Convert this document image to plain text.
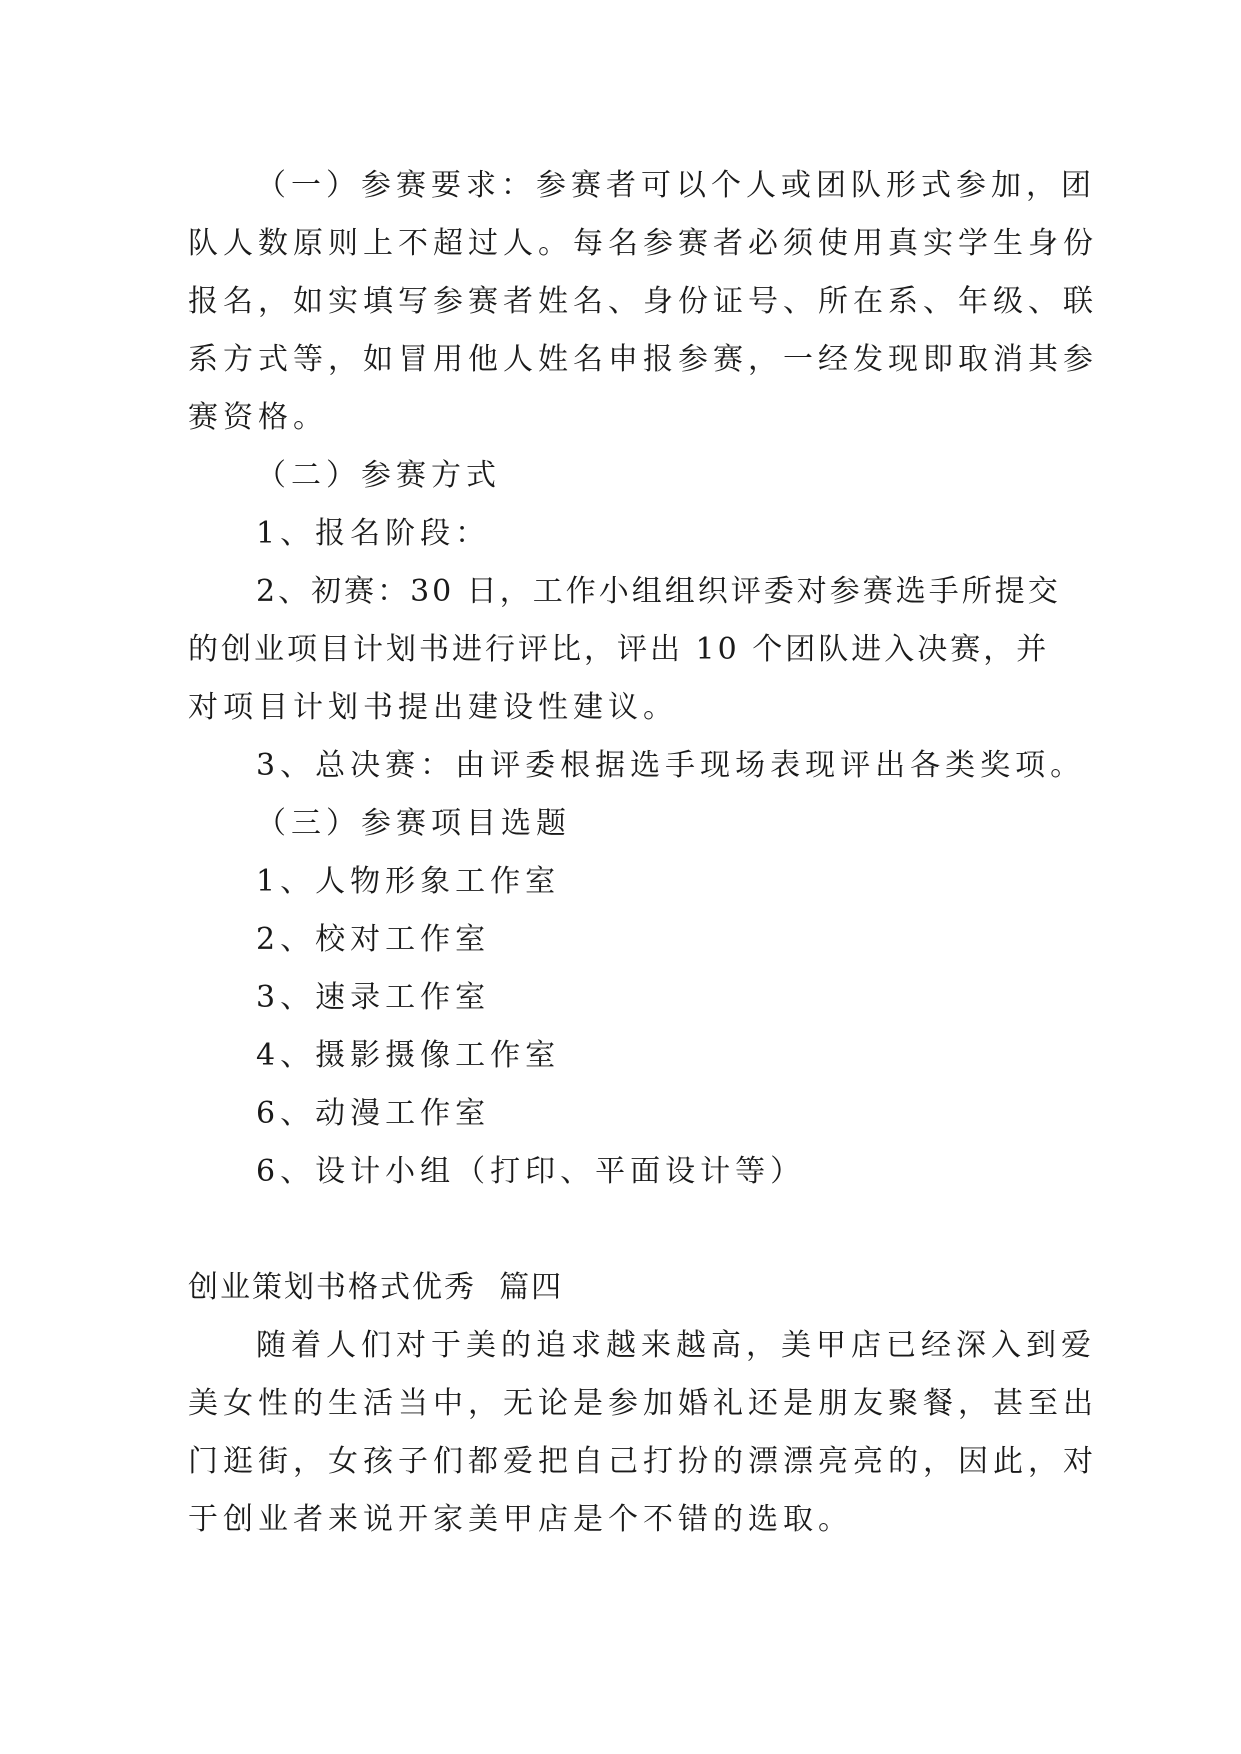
（一）参赛要求：参赛者可以个人或团队形式参加，团
队人数原则上不超过人。每名参赛者必须使用真实学生身份
报名，如实填写参赛者姓名、身份证号、所在系、年级、联
系方式等，如冒用他人姓名申报参赛，一经发现即取消其参
赛资格。
（二）参赛方式
1、报名阶段：
2、初赛：30 日，工作小组组织评委对参赛选手所提交
的创业项目计划书进行评比，评出 10 个团队进入决赛，并
对项目计划书提出建设性建议。
3、总决赛：由评委根据选手现场表现评出各类奖项。
（三）参赛项目选题
1、人物形象工作室
2、校对工作室
3、速录工作室
4、摄影摄像工作室
6、动漫工作室
6、设计小组（打印、平面设计等）
创业策划书格式优秀  篇四
随着人们对于美的追求越来越高，美甲店已经深入到爱
美女性的生活当中，无论是参加婚礼还是朋友聚餐，甚至出
门逛街，女孩子们都爱把自己打扮的漂漂亮亮的，因此，对
于创业者来说开家美甲店是个不错的选取。
